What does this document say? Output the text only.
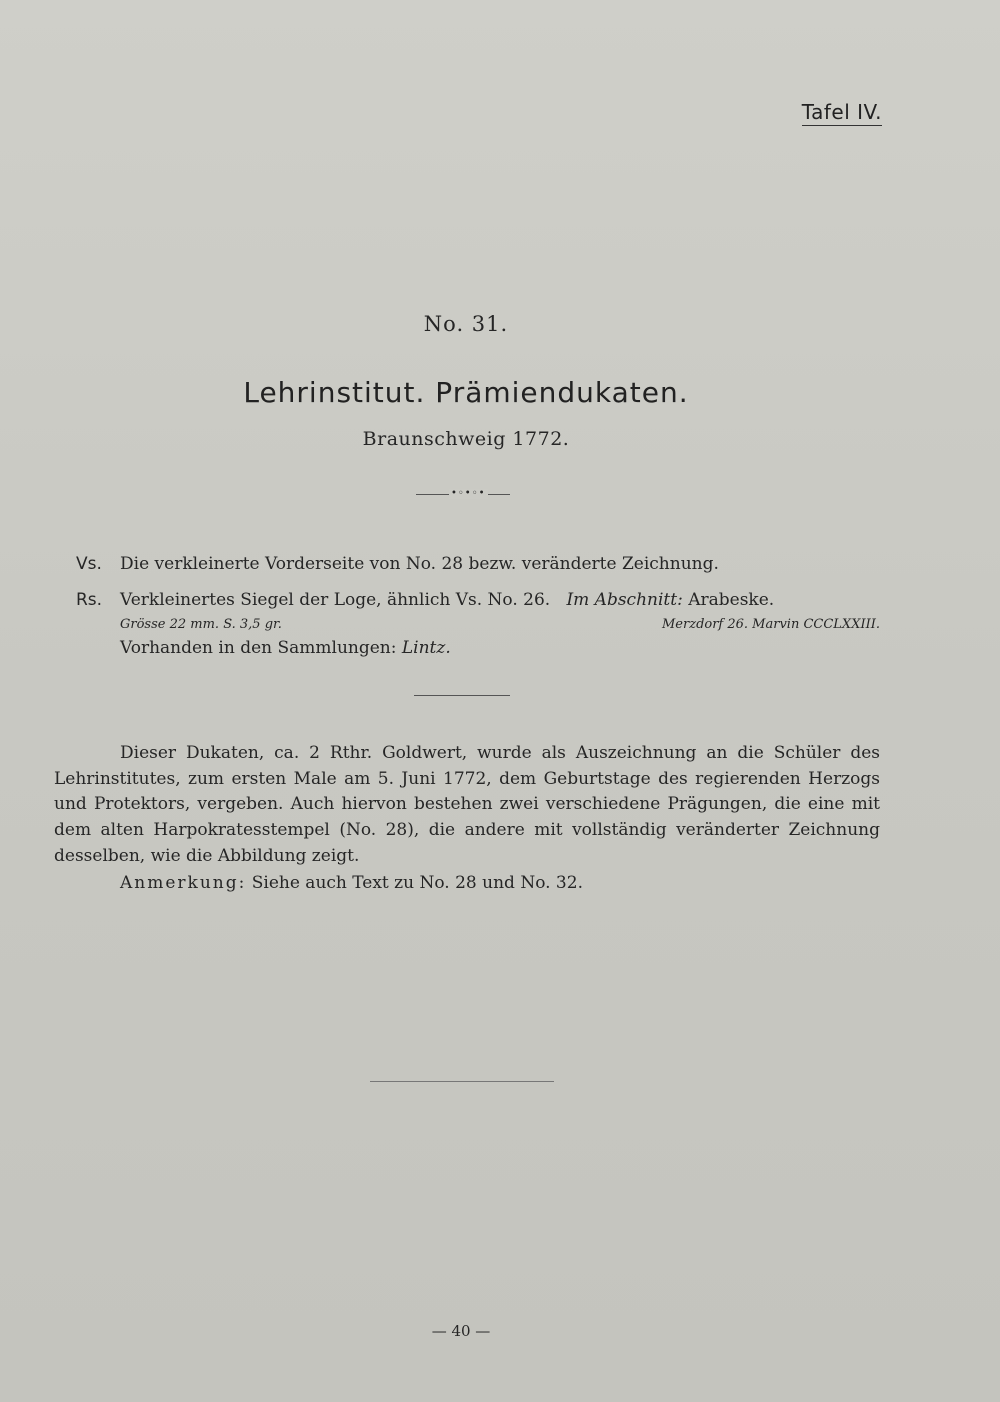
Tafel IV.
No. 31.
Lehrinstitut. Prämiendukaten.
Braunschweig 1772.
•◦•◦•
Vs. Die verkleinerte Vorderseite von No. 28 bezw. veränderte Zeichnung.
Rs. Verkleinertes Siegel der Loge, ähnlich Vs. No. 26. Im Abschnitt: Arabeske.
Grösse 22 mm. S. 3,5 gr.	Merzdorf 26. Marvin CCCLXXIII.
Vorhanden in den Sammlungen: Lintz.

Dieser Dukaten, ca. 2 Rthr. Goldwert, wurde als Auszeichnung an die Schüler des Lehrinstitutes, zum ersten Male am 5. Juni 1772, dem Geburtstage des regierenden Herzogs und Protektors, vergeben. Auch hiervon bestehen zwei verschiedene Prägungen, die eine mit dem alten Harpokratesstempel (No. 28), die andere mit vollständig veränderter Zeichnung desselben, wie die Abbildung zeigt.

Anmerkung: Siehe auch Text zu No. 28 und No. 32.
— 40 —
